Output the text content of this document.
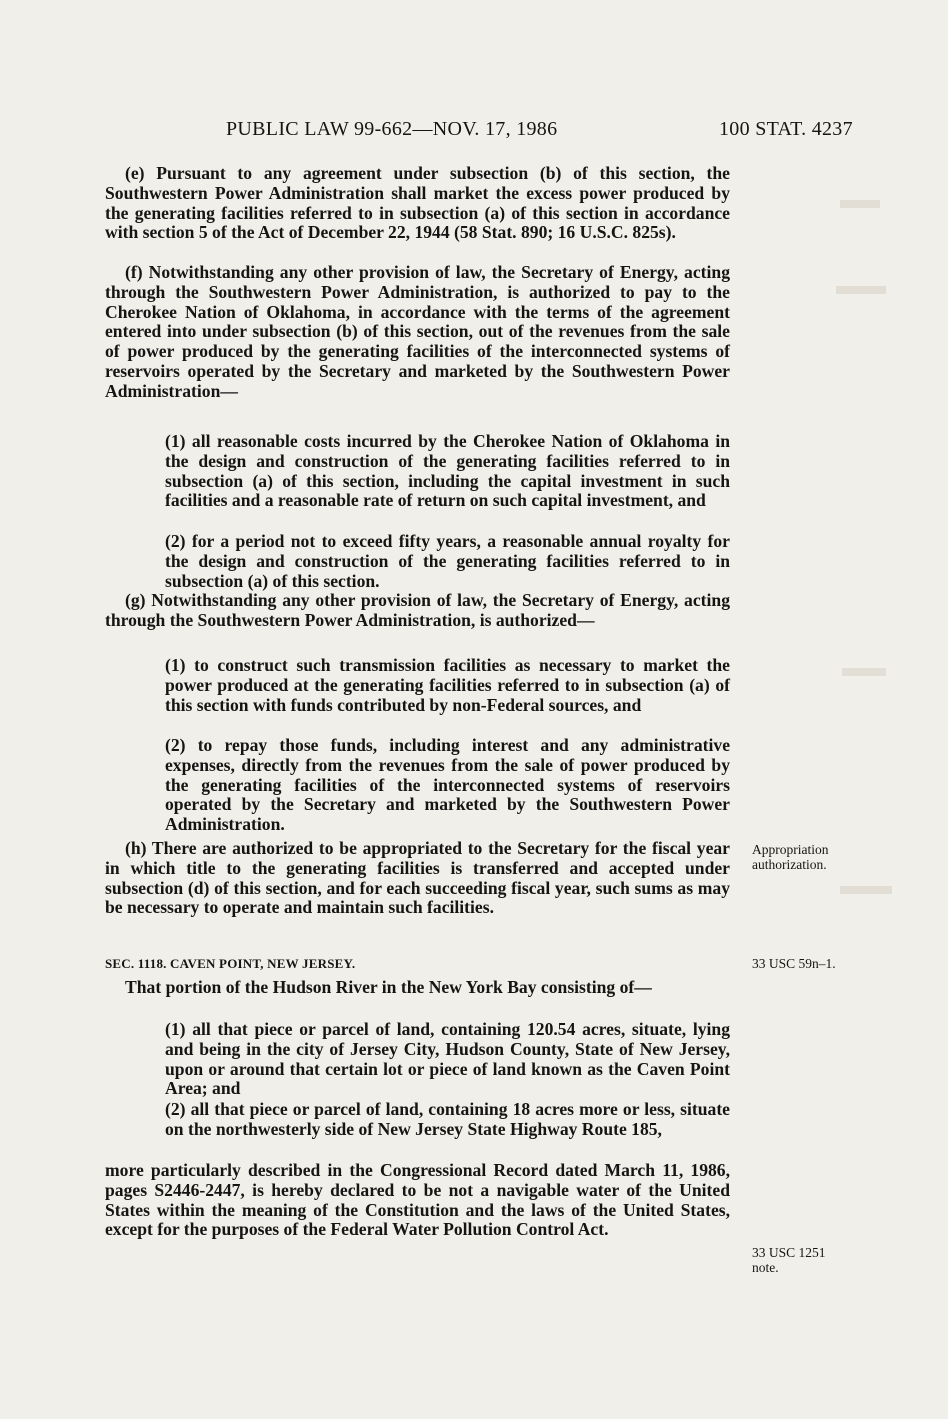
PUBLIC LAW 99-662—NOV. 17, 1986	100 STAT. 4237

(e) Pursuant to any agreement under subsection (b) of this section, the Southwestern Power Administration shall market the excess power produced by the generating facilities referred to in subsection (a) of this section in accordance with section 5 of the Act of December 22, 1944 (58 Stat. 890; 16 U.S.C. 825s).

(f) Notwithstanding any other provision of law, the Secretary of Energy, acting through the Southwestern Power Administration, is authorized to pay to the Cherokee Nation of Oklahoma, in accordance with the terms of the agreement entered into under subsection (b) of this section, out of the revenues from the sale of power produced by the generating facilities of the interconnected systems of reservoirs operated by the Secretary and marketed by the Southwestern Power Administration—

(1) all reasonable costs incurred by the Cherokee Nation of Oklahoma in the design and construction of the generating facilities referred to in subsection (a) of this section, including the capital investment in such facilities and a reasonable rate of return on such capital investment, and

(2) for a period not to exceed fifty years, a reasonable annual royalty for the design and construction of the generating facilities referred to in subsection (a) of this section.

(g) Notwithstanding any other provision of law, the Secretary of Energy, acting through the Southwestern Power Administration, is authorized—

(1) to construct such transmission facilities as necessary to market the power produced at the generating facilities referred to in subsection (a) of this section with funds contributed by non-Federal sources, and

(2) to repay those funds, including interest and any administrative expenses, directly from the revenues from the sale of power produced by the generating facilities of the interconnected systems of reservoirs operated by the Secretary and marketed by the Southwestern Power Administration.

(h) There are authorized to be appropriated to the Secretary for the fiscal year in which title to the generating facilities is transferred and accepted under subsection (d) of this section, and for each succeeding fiscal year, such sums as may be necessary to operate and maintain such facilities.

SEC. 1118. CAVEN POINT, NEW JERSEY.

That portion of the Hudson River in the New York Bay consisting of—

(1) all that piece or parcel of land, containing 120.54 acres, situate, lying and being in the city of Jersey City, Hudson County, State of New Jersey, upon or around that certain lot or piece of land known as the Caven Point Area; and

(2) all that piece or parcel of land, containing 18 acres more or less, situate on the northwesterly side of New Jersey State Highway Route 185,

more particularly described in the Congressional Record dated March 11, 1986, pages S2446-2447, is hereby declared to be not a navigable water of the United States within the meaning of the Constitution and the laws of the United States, except for the purposes of the Federal Water Pollution Control Act.

Appropriation
authorization.
33 USC 59n–1.
33 USC 1251
note.
